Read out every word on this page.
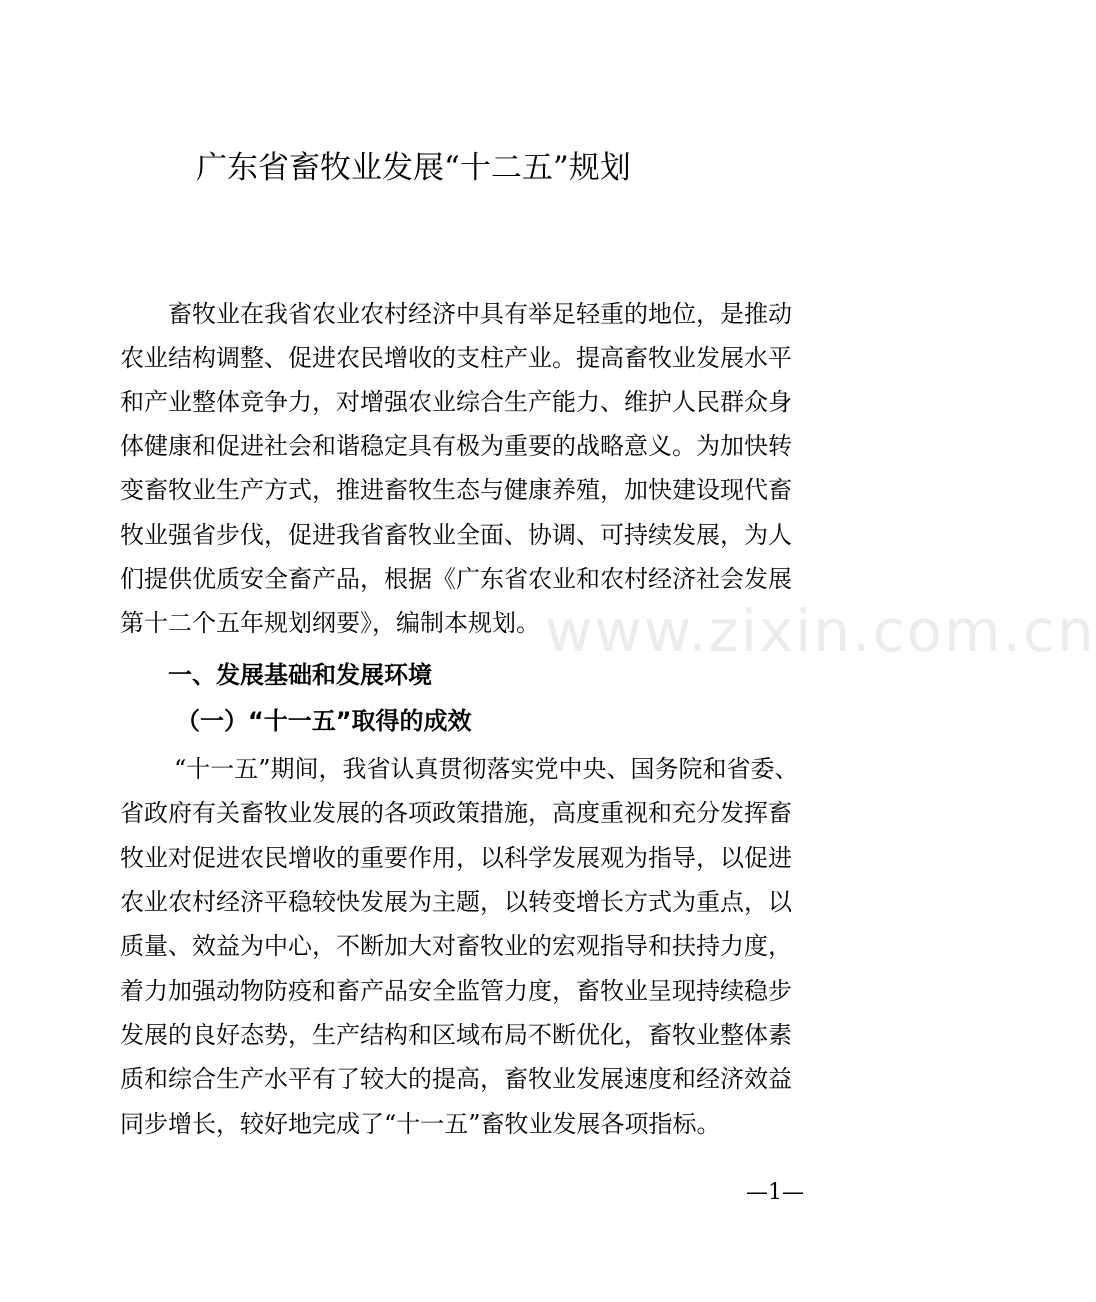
广东省畜牧业发展“十二五”规划
畜牧业在我省农业农村经济中具有举足轻重的地位，是推动
农业结构调整、促进农民增收的支柱产业。提高畜牧业发展水平
和产业整体竞争力，对增强农业综合生产能力、维护人民群众身
体健康和促进社会和谐稳定具有极为重要的战略意义。为加快转
变畜牧业生产方式，推进畜牧生态与健康养殖，加快建设现代畜
牧业强省步伐，促进我省畜牧业全面、协调、可持续发展，为人
们提供优质安全畜产品，根据《广东省农业和农村经济社会发展
第十二个五年规划纲要》，编制本规划。
一、发展基础和发展环境
（一）“十一五”取得的成效
“十一五”期间，我省认真贯彻落实党中央、国务院和省委、
省政府有关畜牧业发展的各项政策措施，高度重视和充分发挥畜
牧业对促进农民增收的重要作用，以科学发展观为指导，以促进
农业农村经济平稳较快发展为主题，以转变增长方式为重点，以
质量、效益为中心，不断加大对畜牧业的宏观指导和扶持力度，
着力加强动物防疫和畜产品安全监管力度，畜牧业呈现持续稳步
发展的良好态势，生产结构和区域布局不断优化，畜牧业整体素
质和综合生产水平有了较大的提高，畜牧业发展速度和经济效益
同步增长，较好地完成了“十一五”畜牧业发展各项指标。
www.zixin.com.cn
—1—
